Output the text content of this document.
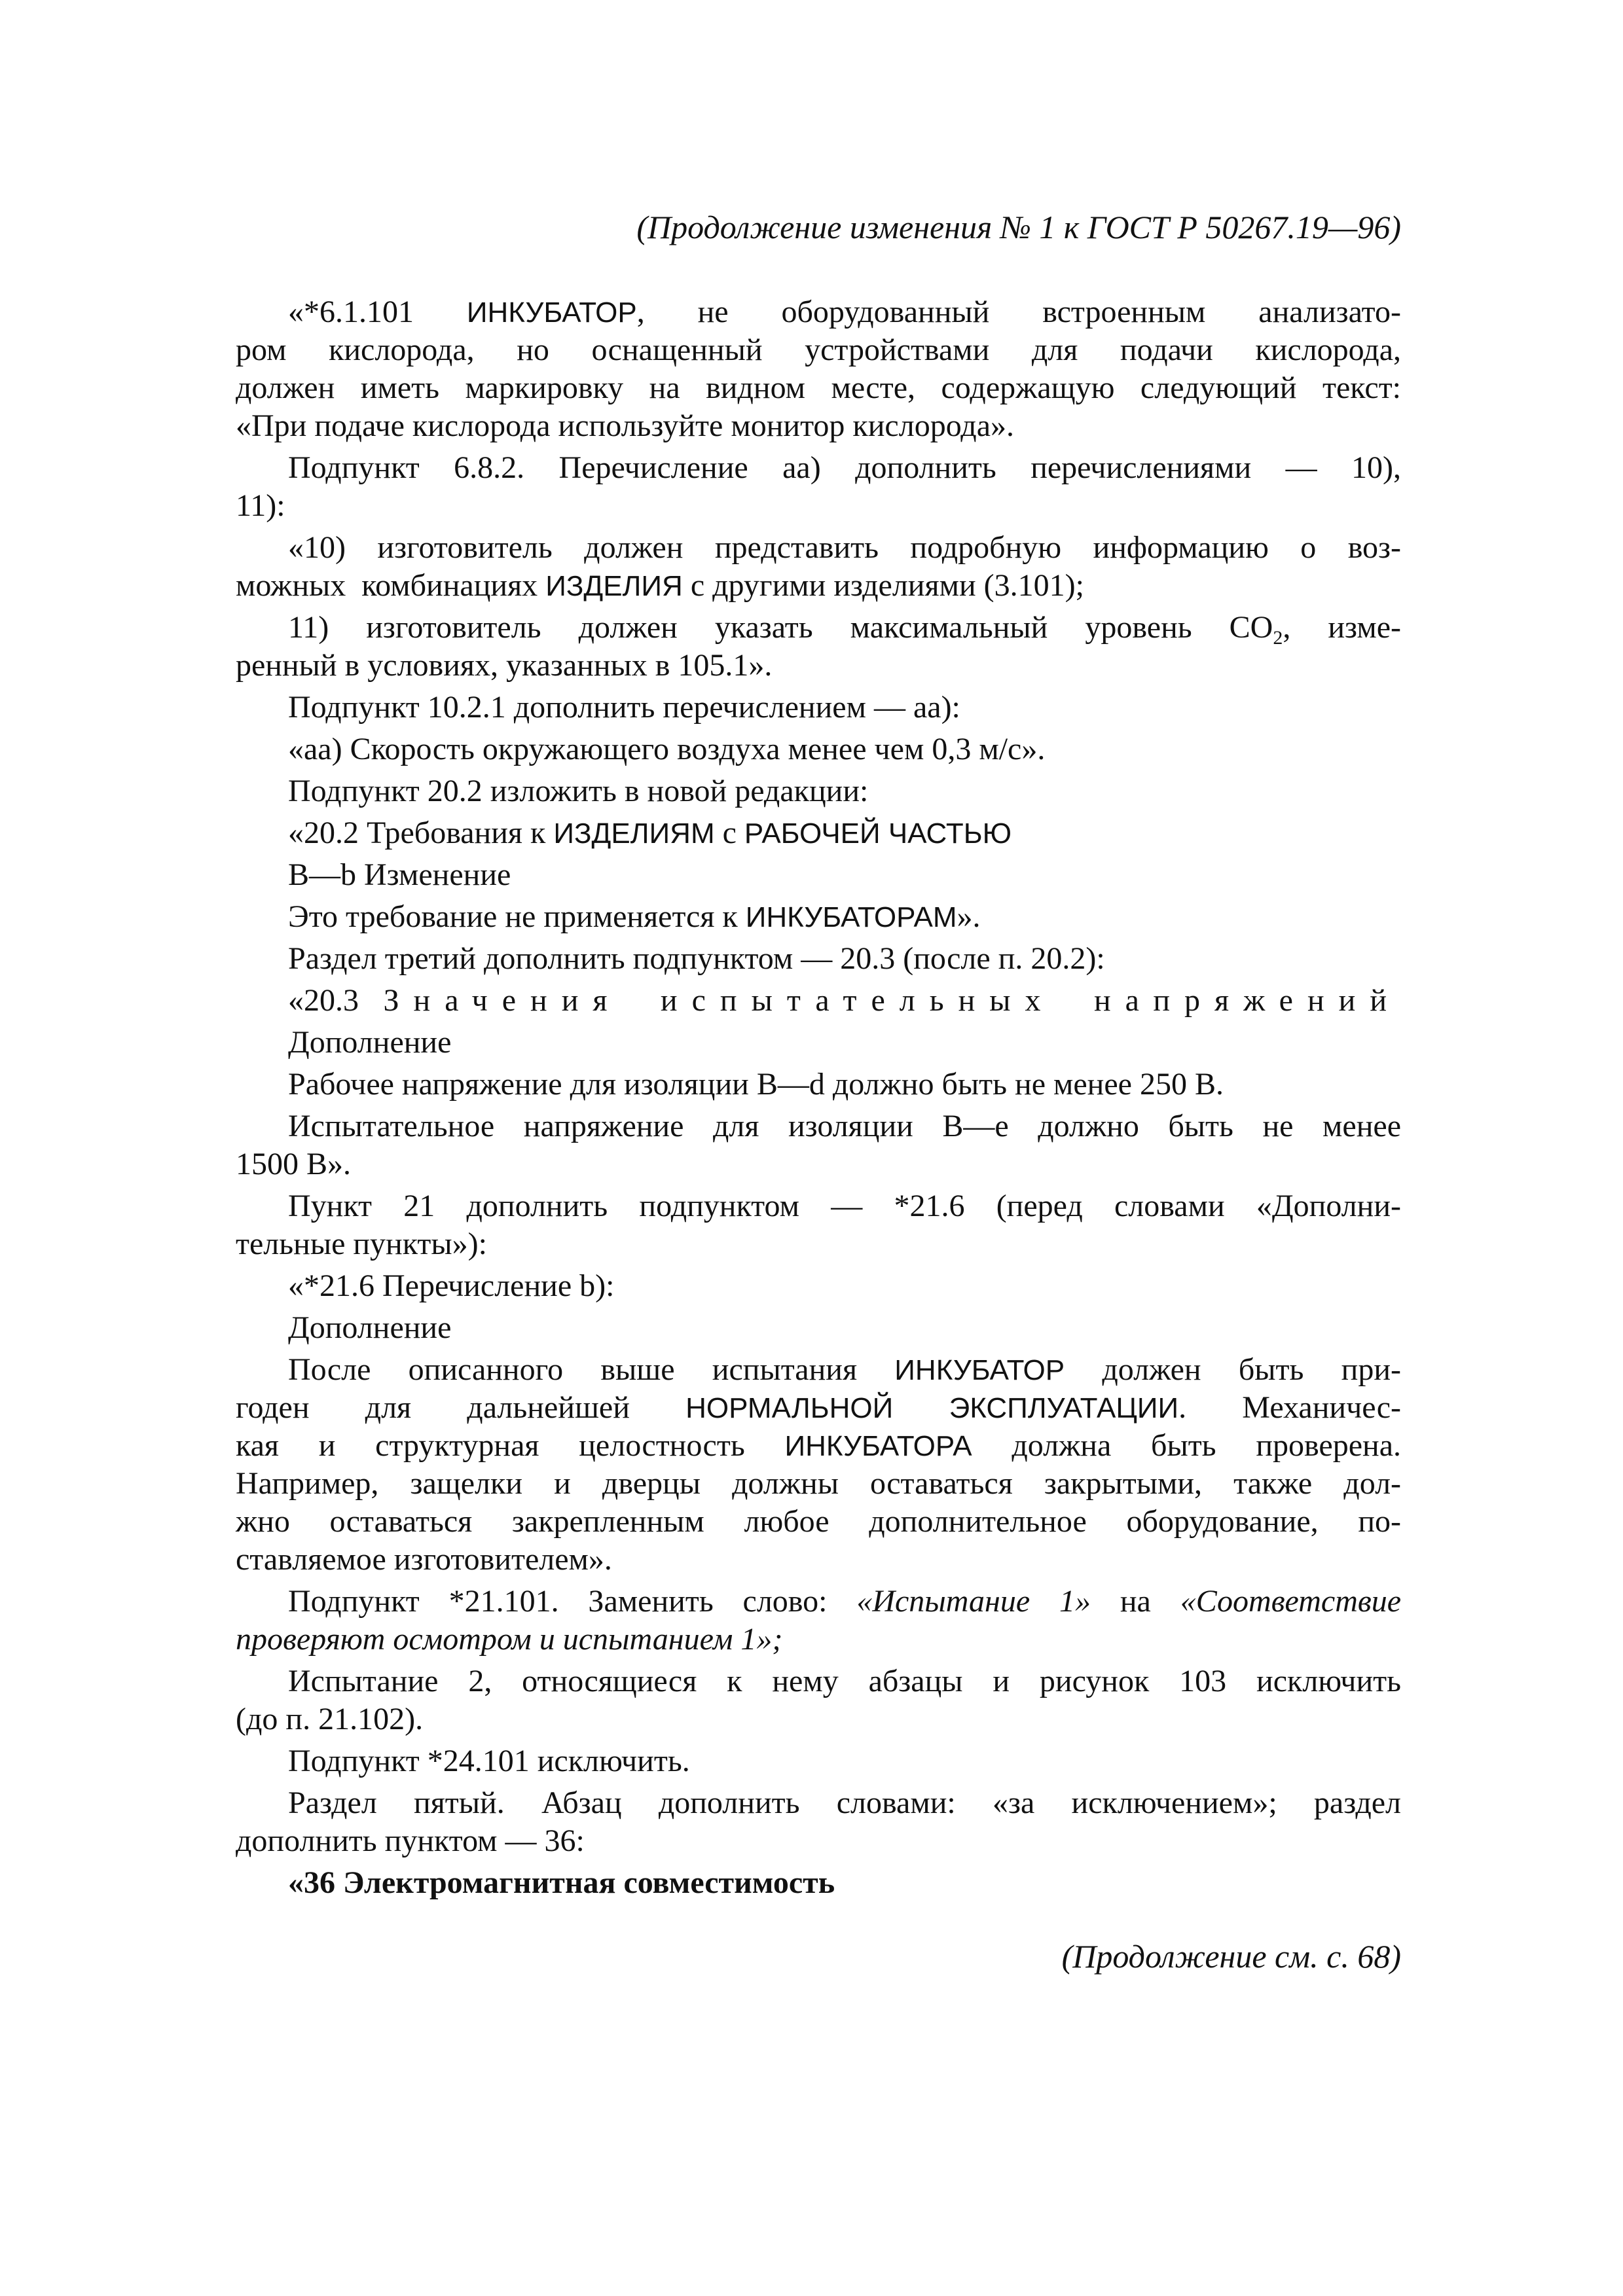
(Продолжение изменения № 1 к ГОСТ Р 50267.19—96)
«*6.1.101 ИНКУБАТОР, не оборудованный встроенным анализато-
ром кислорода, но оснащенный устройствами для подачи кислорода,
должен иметь маркировку на видном месте, содержащую следующий текст:
«При подаче кислорода используйте монитор кислорода».
Подпункт 6.8.2. Перечисление аа) дополнить перечислениями — 10),
11):
«10) изготовитель должен представить подробную информацию о воз-
можных  комбинациях ИЗДЕЛИЯ с другими изделиями (3.101);
11) изготовитель должен указать максимальный уровень $CO_2$, изме-
ренный в условиях, указанных в 105.1».
Подпункт 10.2.1 дополнить перечислением — аа):
«аа) Скорость окружающего воздуха менее чем 0,3 м/с».
Подпункт 20.2 изложить в новой редакции:
«20.2 Требования к ИЗДЕЛИЯМ с РАБОЧЕЙ ЧАСТЬЮ
B—b Изменение
Это требование не применяется к ИНКУБАТОРАМ».
Раздел третий дополнить подпунктом — 20.3 (после п. 20.2):
«20.3 Значения испытательных напряжений
Дополнение
Рабочее напряжение для изоляции B—d должно быть не менее 250 В.
Испытательное напряжение для изоляции B—e должно быть не менее
1500 В».
Пункт 21 дополнить подпунктом — *21.6 (перед словами «Дополни-
тельные пункты»):
«*21.6 Перечисление b):
Дополнение
После описанного выше испытания ИНКУБАТОР должен быть при-
годен для дальнейшей НОРМАЛЬНОЙ ЭКСПЛУАТАЦИИ. Механичес-
кая и структурная целостность ИНКУБАТОРА должна быть проверена.
Например, защелки и дверцы должны оставаться закрытыми, также дол-
жно оставаться закрепленным любое дополнительное оборудование, по-
ставляемое изготовителем».
Подпункт *21.101. Заменить слово: «Испытание 1» на «Соответствие
проверяют осмотром и испытанием 1»;
Испытание 2, относящиеся к нему абзацы и рисунок 103 исключить
(до п. 21.102).
Подпункт *24.101 исключить.
Раздел пятый. Абзац дополнить словами: «за исключением»; раздел
дополнить пунктом — 36:
«36 Электромагнитная совместимость
(Продолжение см. с. 68)
